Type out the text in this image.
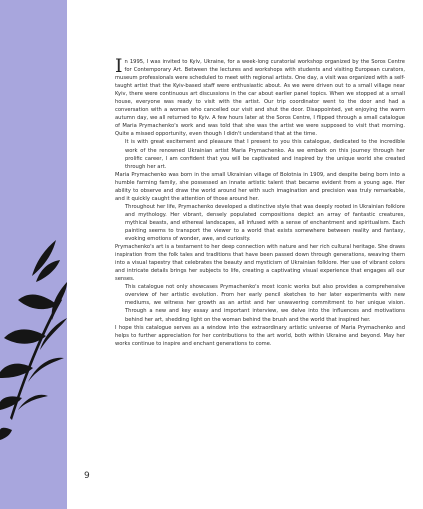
In 1995, I was invited to Kyiv, Ukraine, for a week-long curatorial workshop organized by the Soros Centre for Contemporary Art. Between the lectures and workshops with students and visiting European curators, museum professionals were scheduled to meet with regional artists. One day, a visit was organized with a self-taught artist that the Kyiv-based staff were enthusiastic about. As we were driven out to a small village near Kyiv, there were continuous art discussions in the car about earlier panel topics. When we stopped at a small house, everyone was ready to visit with the artist. Our trip coordinator went to the door and had a conversation with a woman who cancelled our visit and shut the door. Disappointed, yet enjoying the warm autumn day, we all returned to Kyiv. A few hours later at the Soros Centre, I flipped through a small catalogue of Maria Prymachenko's work and was told that she was the artist we were supposed to visit that morning. Quite a missed opportunity, even though I didn't understand that at the time.

It is with great excitement and pleasure that I present to you this catalogue, dedicated to the incredible work of the renowned Ukrainian artist Maria Prymachenko. As we embark on this journey through her prolific career, I am confident that you will be captivated and inspired by the unique world she created through her art.

Maria Prymachenko was born in the small Ukrainian village of Bolotnia in 1909, and despite being born into a humble farming family, she possessed an innate artistic talent that became evident from a young age. Her ability to observe and draw the world around her with such imagination and precision was truly remarkable, and it quickly caught the attention of those around her.

Throughout her life, Prymachenko developed a distinctive style that was deeply rooted in Ukrainian folklore and mythology. Her vibrant, densely populated compositions depict an array of fantastic creatures, mythical beasts, and ethereal landscapes, all infused with a sense of enchantment and spiritualism. Each painting seems to transport the viewer to a world that exists somewhere between reality and fantasy, evoking emotions of wonder, awe, and curiosity.

Prymachenko's art is a testament to her deep connection with nature and her rich cultural heritage. She draws inspiration from the folk tales and traditions that have been passed down through generations, weaving them into a visual tapestry that celebrates the beauty and mysticism of Ukrainian folklore. Her use of vibrant colors and intricate details brings her subjects to life, creating a captivating visual experience that engages all our senses.

This catalogue not only showcases Prymachenko's most iconic works but also provides a comprehensive overview of her artistic evolution. From her early pencil sketches to her later experiments with new mediums, we witness her growth as an artist and her unwavering commitment to her unique vision. Through a new and key essay and important interview, we delve into the influences and motivations behind her art, shedding light on the woman behind the brush and the world that inspired her.

I hope this catalogue serves as a window into the extraordinary artistic universe of Maria Prymachenko and helps to further appreciation for her contributions to the art world, both within Ukraine and beyond. May her works continue to inspire and enchant generations to come.

9
